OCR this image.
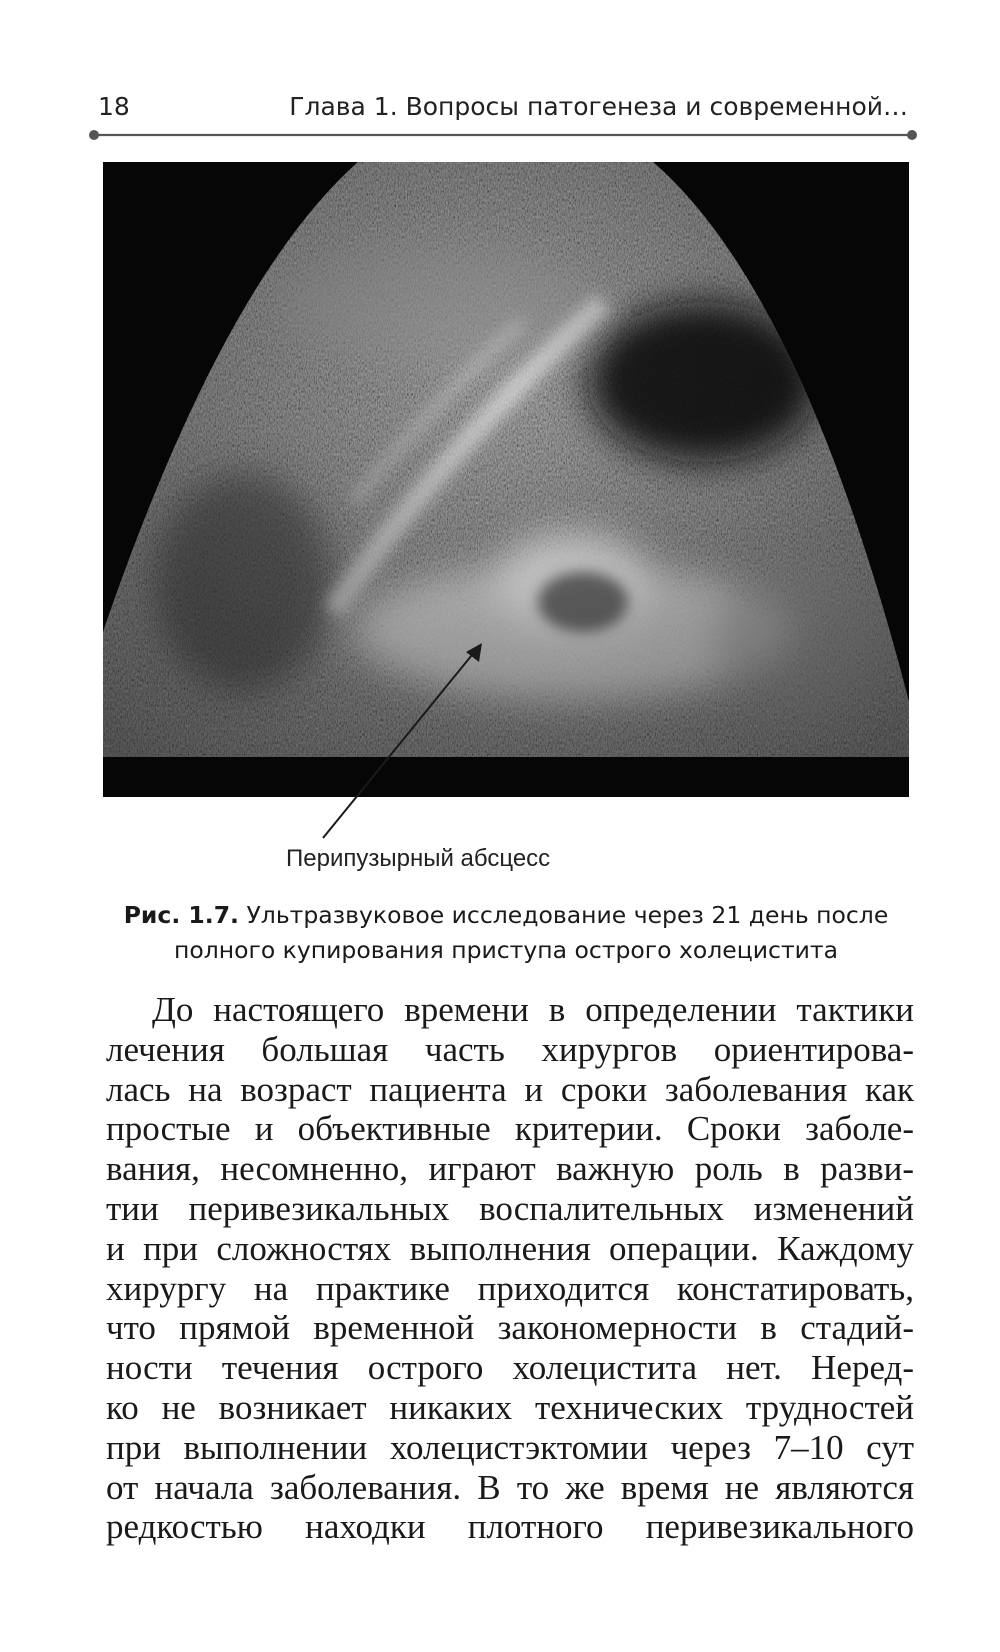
18	Глава 1. Вопросы патогенеза и современной…
Перипузырный абсцесс
Рис. 1.7. Ультразвуковое исследование через 21 день после
полного купирования приступа острого холецистита
До настоящего времени в определении тактики
лечения большая часть хирургов ориентирова-
лась на возраст пациента и сроки заболевания как
простые и объективные критерии. Сроки заболе-
вания, несомненно, играют важную роль в разви-
тии перивезикальных воспалительных изменений
и при сложностях выполнения операции. Каждому
хирургу на практике приходится констатировать,
что прямой временной закономерности в стадий-
ности течения острого холецистита нет. Неред-
ко не возникает никаких технических трудностей
при выполнении холецистэктомии через 7–10 сут
от начала заболевания. В то же время не являются
редкостью находки плотного перивезикального
